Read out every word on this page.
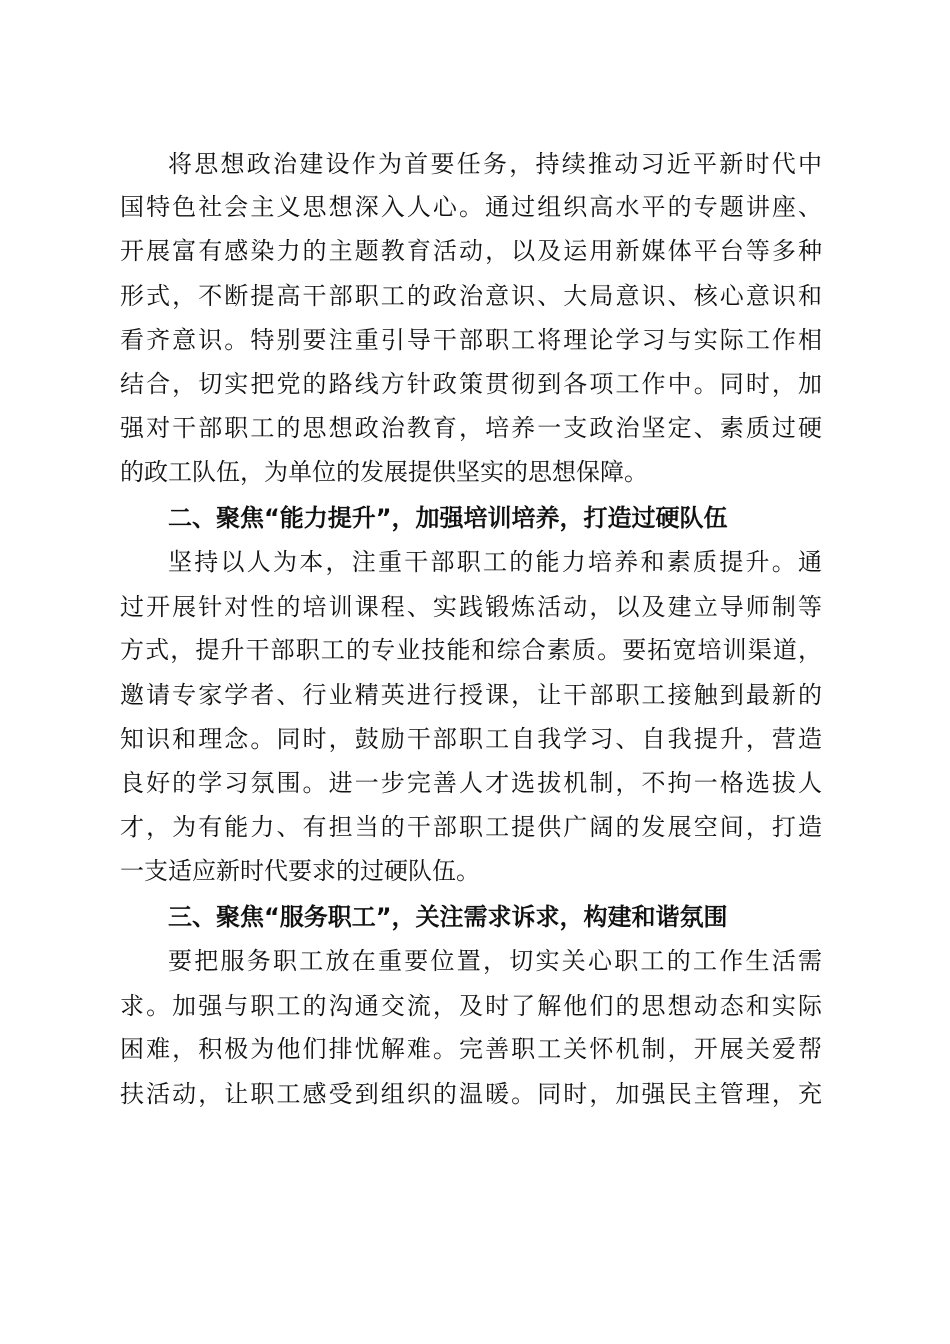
将思想政治建设作为首要任务，持续推动习近平新时代中
国特色社会主义思想深入人心。通过组织高水平的专题讲座、
开展富有感染力的主题教育活动，以及运用新媒体平台等多种
形式，不断提高干部职工的政治意识、大局意识、核心意识和
看齐意识。特别要注重引导干部职工将理论学习与实际工作相
结合，切实把党的路线方针政策贯彻到各项工作中。同时，加
强对干部职工的思想政治教育，培养一支政治坚定、素质过硬
的政工队伍，为单位的发展提供坚实的思想保障。
二、聚焦“能力提升”，加强培训培养，打造过硬队伍
坚持以人为本，注重干部职工的能力培养和素质提升。通
过开展针对性的培训课程、实践锻炼活动，以及建立导师制等
方式，提升干部职工的专业技能和综合素质。要拓宽培训渠道，
邀请专家学者、行业精英进行授课，让干部职工接触到最新的
知识和理念。同时，鼓励干部职工自我学习、自我提升，营造
良好的学习氛围。进一步完善人才选拔机制，不拘一格选拔人
才，为有能力、有担当的干部职工提供广阔的发展空间，打造
一支适应新时代要求的过硬队伍。
三、聚焦“服务职工”，关注需求诉求，构建和谐氛围
要把服务职工放在重要位置，切实关心职工的工作生活需
求。加强与职工的沟通交流，及时了解他们的思想动态和实际
困难，积极为他们排忧解难。完善职工关怀机制，开展关爱帮
扶活动，让职工感受到组织的温暖。同时，加强民主管理，充
